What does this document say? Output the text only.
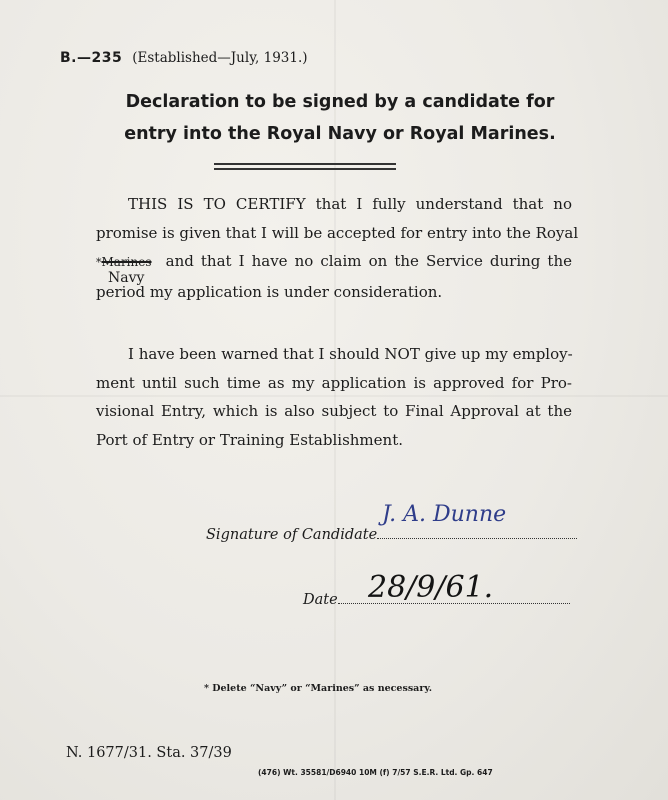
B.—235 (Established—July, 1931.)
Declaration to be signed by a candidate for
entry into the Royal Navy or Royal Marines.
THIS IS TO CERTIFY that I fully understand that no
promise is given that I will be accepted for entry into the Royal
*Marines and that I have no claim on the Service during the
period my application is under consideration.
Navy
I have been warned that I should NOT give up my employ-
ment until such time as my application is approved for Pro-
visional Entry, which is also subject to Final Approval at the
Port of Entry or Training Establishment.
Signature of Candidate
J. A. Dunne
Date	28/9/61.
* Delete “Navy” or “Marines” as necessary.
N. 1677/31. Sta. 37/39
(476) Wt. 35581/D6940 10M (f) 7/57 S.E.R. Ltd. Gp. 647
